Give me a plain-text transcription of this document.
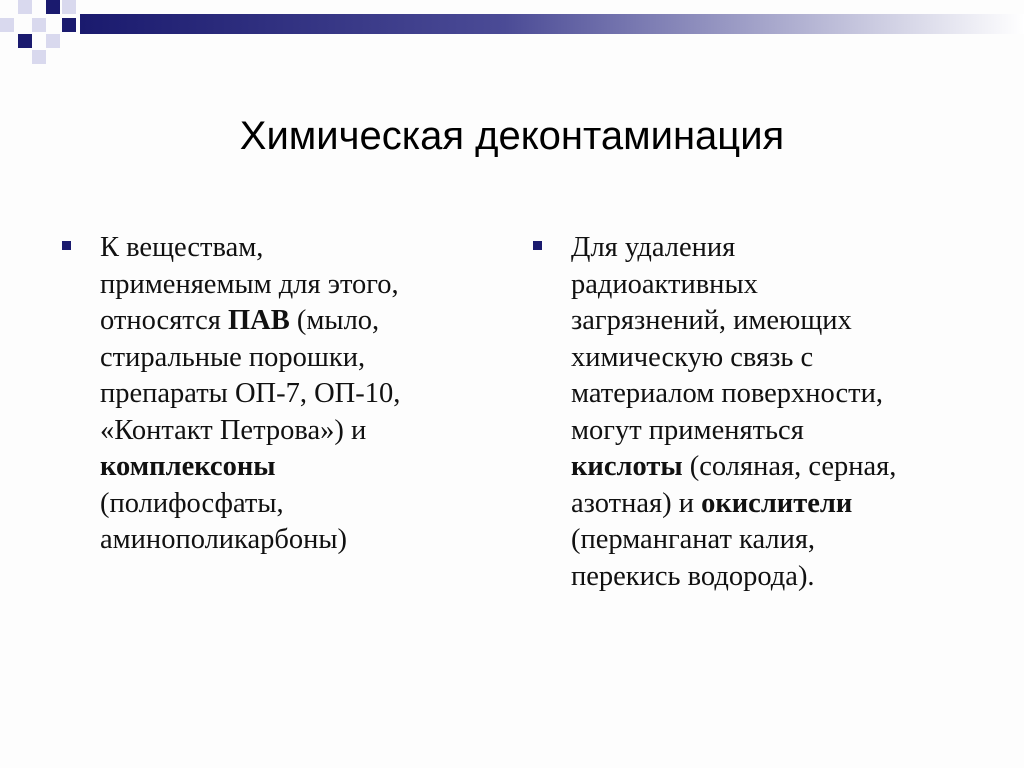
Химическая деконтаминация
К веществам,
применяемым для этого,
относятся ПАВ (мыло,
стиральные порошки,
препараты ОП-7, ОП-10,
«Контакт Петрова») и
комплексоны
(полифосфаты,
аминополикарбоны)
Для удаления
радиоактивных
загрязнений, имеющих
химическую связь с
материалом поверхности,
могут применяться
кислоты (соляная, серная,
азотная) и окислители
(перманганат калия,
перекись водорода).
